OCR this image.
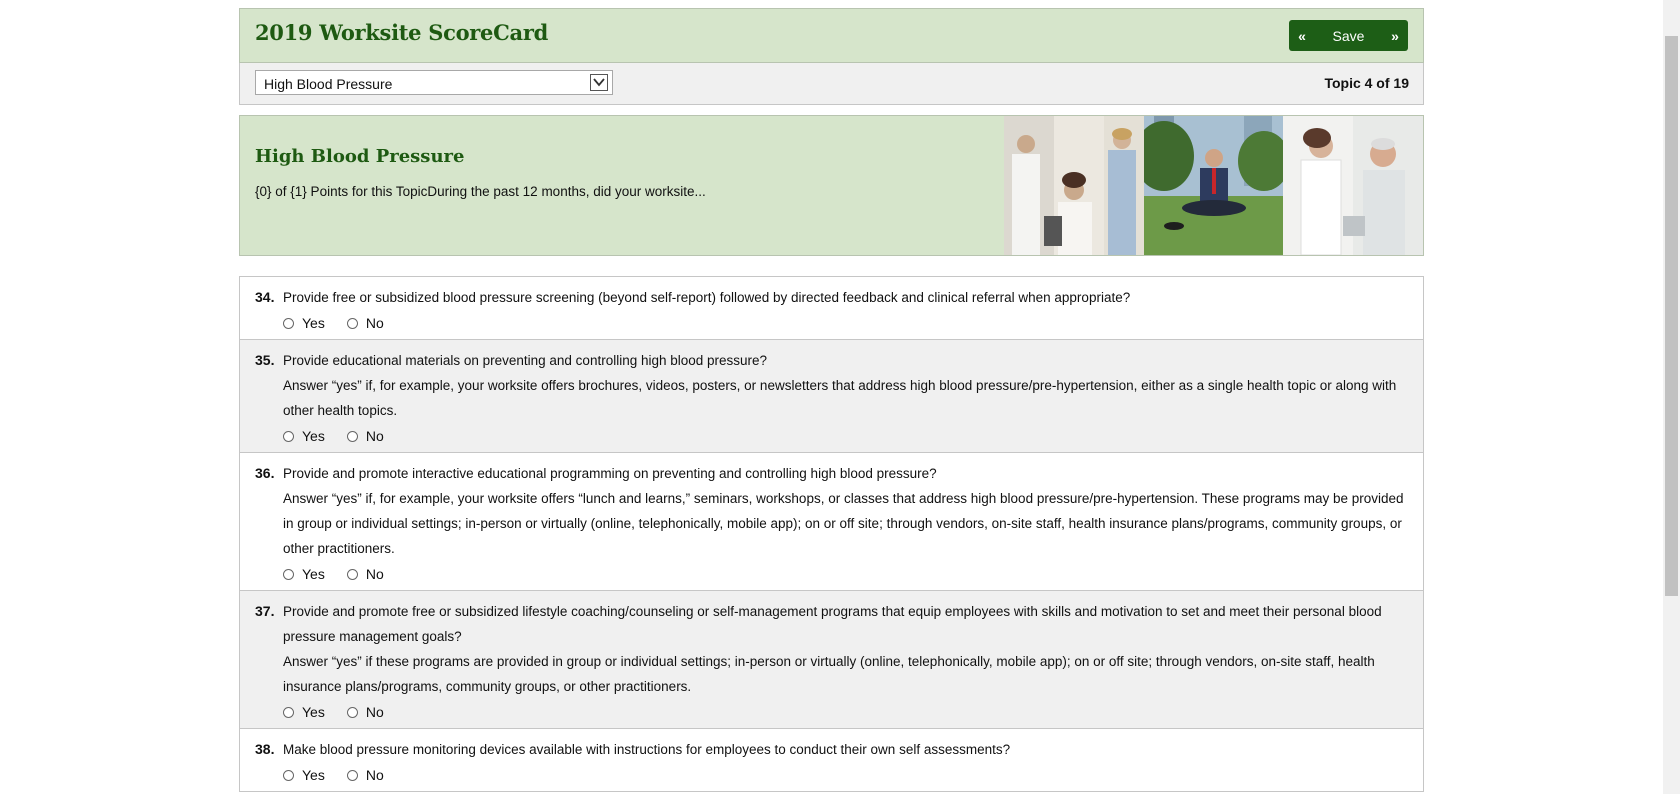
2019 Worksite ScoreCard	«	Save	»
High Blood Pressure	Topic 4 of 19
High Blood Pressure
{0} of {1} Points for this TopicDuring the past 12 months, did your worksite...
34. Provide free or subsidized blood pressure screening (beyond self-report) followed by directed feedback and clinical referral when appropriate?
Yes	No
35. Provide educational materials on preventing and controlling high blood pressure?
Answer “yes” if, for example, your worksite offers brochures, videos, posters, or newsletters that address high blood pressure/pre-hypertension, either as a single health topic or along with other health topics.
Yes	No
36. Provide and promote interactive educational programming on preventing and controlling high blood pressure?
Answer “yes” if, for example, your worksite offers “lunch and learns,” seminars, workshops, or classes that address high blood pressure/pre-hypertension. These programs may be provided in group or individual settings; in-person or virtually (online, telephonically, mobile app); on or off site; through vendors, on-site staff, health insurance plans/programs, community groups, or other practitioners.
Yes	No
37. Provide and promote free or subsidized lifestyle coaching/counseling or self-management programs that equip employees with skills and motivation to set and meet their personal blood pressure management goals?
Answer “yes” if these programs are provided in group or individual settings; in-person or virtually (online, telephonically, mobile app); on or off site; through vendors, on-site staff, health insurance plans/programs, community groups, or other practitioners.
Yes	No
38. Make blood pressure monitoring devices available with instructions for employees to conduct their own self assessments?
Yes	No
